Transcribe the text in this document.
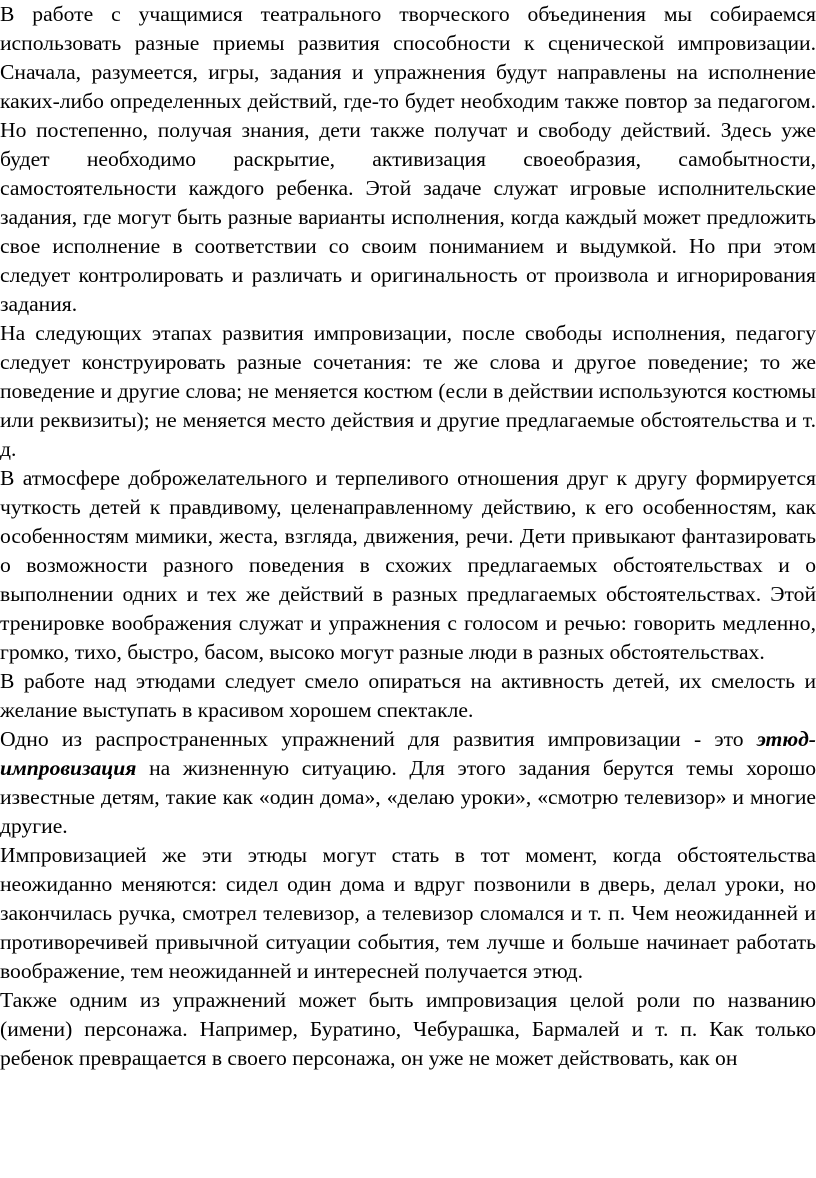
В работе с учащимися театрального творческого объединения мы собираемся использовать разные приемы развития способности к сценической импровизации. Сначала, разумеется, игры, задания и упражнения будут направлены на исполнение каких-либо определенных действий, где-то будет необходим также повтор за педагогом. Но постепенно, получая знания, дети также получат и свободу действий. Здесь уже будет необходимо раскрытие, активизация своеобразия, самобытности, самостоятельности каждого ребенка. Этой задаче служат игровые исполнительские задания, где могут быть разные варианты исполнения, когда каждый может предложить свое исполнение в соответствии со своим пониманием и выдумкой. Но при этом следует контролировать и различать и оригинальность от произвола и игнорирования задания.

На следующих этапах развития импровизации, после свободы исполнения, педагогу следует конструировать разные сочетания: те же слова и другое поведение; то же поведение и другие слова; не меняется костюм (если в действии используются костюмы или реквизиты); не меняется место действия и другие предлагаемые обстоятельства и т. д.

В атмосфере доброжелательного и терпеливого отношения друг к другу формируется чуткость детей к правдивому, целенаправленному действию, к его особенностям, как особенностям мимики, жеста, взгляда, движения, речи. Дети привыкают фантазировать о возможности разного поведения в схожих предлагаемых обстоятельствах и о выполнении одних и тех же действий в разных предлагаемых обстоятельствах. Этой тренировке воображения служат и упражнения с голосом и речью: говорить медленно, громко, тихо, быстро, басом, высоко могут разные люди в разных обстоятельствах.

В работе над этюдами следует смело опираться на активность детей, их смелость и желание выступать в красивом хорошем спектакле.

Одно из распространенных упражнений для развития импровизации - это этюд-импровизация на жизненную ситуацию. Для этого задания берутся темы хорошо известные детям, такие как «один дома», «делаю уроки», «смотрю телевизор» и многие другие.

Импровизацией же эти этюды могут стать в тот момент, когда обстоятельства неожиданно меняются: сидел один дома и вдруг позвонили в дверь, делал уроки, но закончилась ручка, смотрел телевизор, а телевизор сломался и т. п. Чем неожиданней и противоречивей привычной ситуации события, тем лучше и больше начинает работать воображение, тем неожиданней и интересней получается этюд.

Также одним из упражнений может быть импровизация целой роли по названию (имени) персонажа. Например, Буратино, Чебурашка, Бармалей и т. п. Как только ребенок превращается в своего персонажа, он уже не может действовать, как он
